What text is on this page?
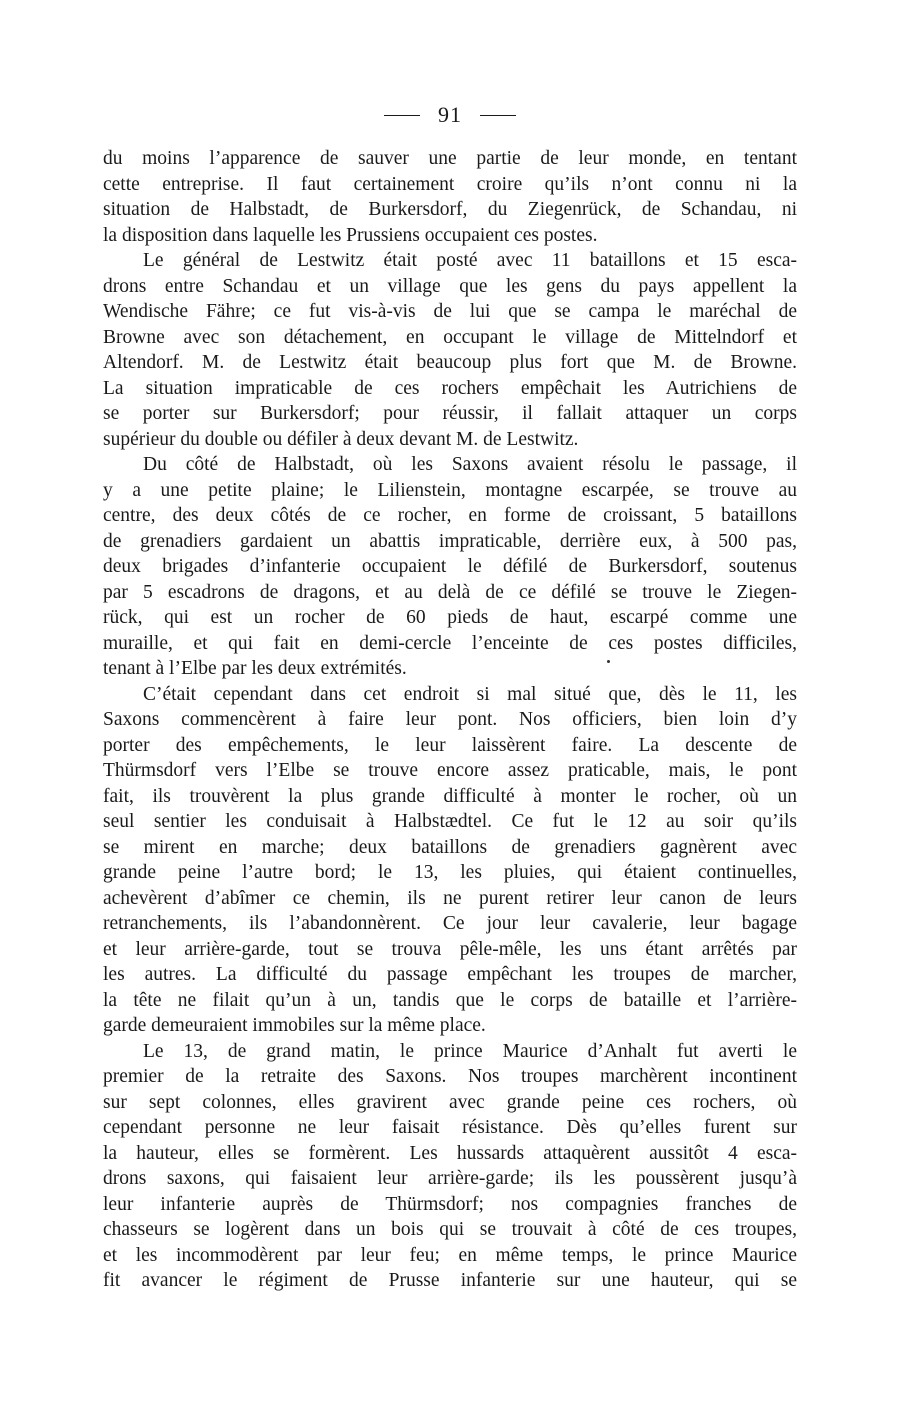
91
du moins l’apparence de sauver une partie de leur monde, en tentant
cette entreprise. Il faut certainement croire qu’ils n’ont connu ni la
situation de Halbstadt, de Burkersdorf, du Ziegenrück, de Schandau, ni
la disposition dans laquelle les Prussiens occupaient ces postes.
Le général de Lestwitz était posté avec 11 bataillons et 15 esca-
drons entre Schandau et un village que les gens du pays appellent la
Wendische Fähre; ce fut vis-à-vis de lui que se campa le maréchal de
Browne avec son détachement, en occupant le village de Mittelndorf et
Altendorf. M. de Lestwitz était beaucoup plus fort que M. de Browne.
La situation impraticable de ces rochers empêchait les Autrichiens de
se porter sur Burkersdorf; pour réussir, il fallait attaquer un corps
supérieur du double ou défiler à deux devant M. de Lestwitz.
Du côté de Halbstadt, où les Saxons avaient résolu le passage, il
y a une petite plaine; le Lilienstein, montagne escarpée, se trouve au
centre, des deux côtés de ce rocher, en forme de croissant, 5 bataillons
de grenadiers gardaient un abattis impraticable, derrière eux, à 500 pas,
deux brigades d’infanterie occupaient le défilé de Burkersdorf, soutenus
par 5 escadrons de dragons, et au delà de ce défilé se trouve le Ziegen-
rück, qui est un rocher de 60 pieds de haut, escarpé comme une
muraille, et qui fait en demi-cercle l’enceinte de ces postes difficiles,
tenant à l’Elbe par les deux extrémités.
C’était cependant dans cet endroit si mal situé que, dès le 11, les
Saxons commencèrent à faire leur pont. Nos officiers, bien loin d’y
porter des empêchements, le leur laissèrent faire. La descente de
Thürmsdorf vers l’Elbe se trouve encore assez praticable, mais, le pont
fait, ils trouvèrent la plus grande difficulté à monter le rocher, où un
seul sentier les conduisait à Halbstædtel. Ce fut le 12 au soir qu’ils
se mirent en marche; deux bataillons de grenadiers gagnèrent avec
grande peine l’autre bord; le 13, les pluies, qui étaient continuelles,
achevèrent d’abîmer ce chemin, ils ne purent retirer leur canon de leurs
retranchements, ils l’abandonnèrent. Ce jour leur cavalerie, leur bagage
et leur arrière-garde, tout se trouva pêle-mêle, les uns étant arrêtés par
les autres. La difficulté du passage empêchant les troupes de marcher,
la tête ne filait qu’un à un, tandis que le corps de bataille et l’arrière-
garde demeuraient immobiles sur la même place.
Le 13, de grand matin, le prince Maurice d’Anhalt fut averti le
premier de la retraite des Saxons. Nos troupes marchèrent incontinent
sur sept colonnes, elles gravirent avec grande peine ces rochers, où
cependant personne ne leur faisait résistance. Dès qu’elles furent sur
la hauteur, elles se formèrent. Les hussards attaquèrent aussitôt 4 esca-
drons saxons, qui faisaient leur arrière-garde; ils les poussèrent jusqu’à
leur infanterie auprès de Thürmsdorf; nos compagnies franches de
chasseurs se logèrent dans un bois qui se trouvait à côté de ces troupes,
et les incommodèrent par leur feu; en même temps, le prince Maurice
fit avancer le régiment de Prusse infanterie sur une hauteur, qui se
